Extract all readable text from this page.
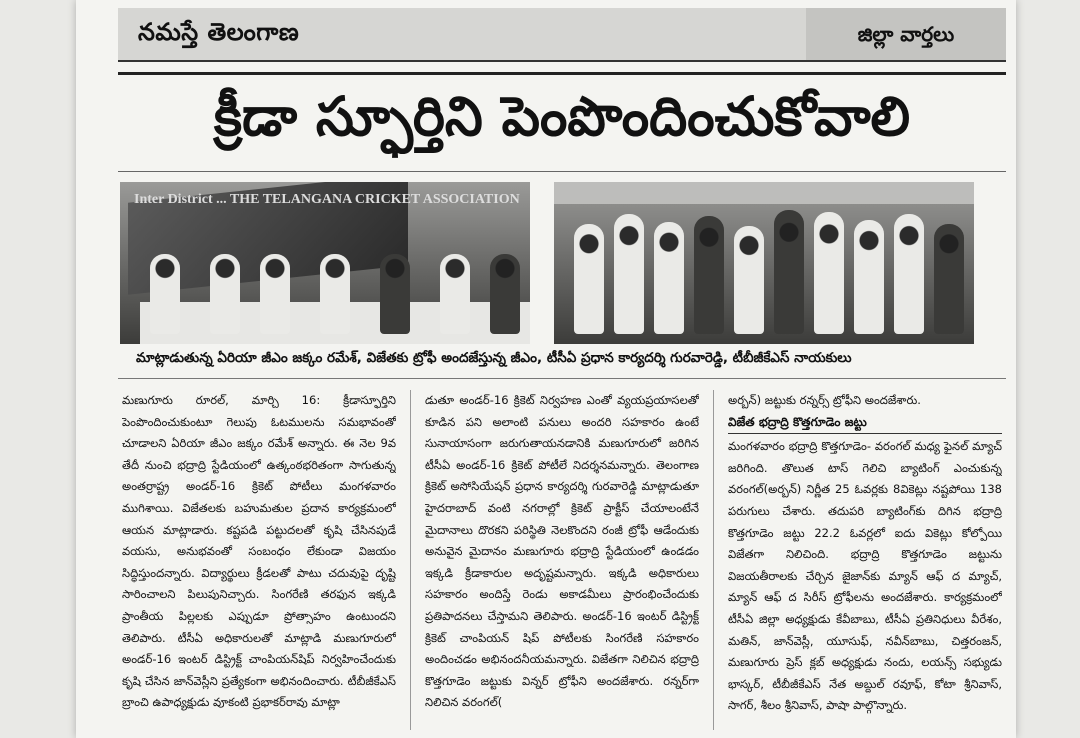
నమస్తే తెలంగాణ	జిల్లా వార్తలు
క్రీడా స్ఫూర్తిని పెంపొందించుకోవాలి
Inter District ... THE TELANGANA CRICKET ASSOCIATION
మాట్లాడుతున్న ఏరియా జీఎం జక్కం రమేశ్, విజేతకు ట్రోఫీ అందజేస్తున్న జీఎం, టీసీఏ ప్రధాన కార్యదర్శి గురవారెడ్డి, టీబీజీకేఎస్ నాయకులు

మణుగూరు రూరల్, మార్చి 16: క్రీడాస్ఫూర్తిని పెంపొందించుకుంటూ గెలుపు ఓటములను సమభావంతో చూడాలని ఏరియా జీఎం జక్కం రమేశ్ అన్నారు. ఈ నెల 9వ తేదీ నుంచి భద్రాద్రి స్టేడియంలో ఉత్కంఠభరితంగా సాగుతున్న అంతర్రాష్ట్ర అండర్-16 క్రికెట్ పోటీలు మంగళవారం ముగిశాయి. విజేతలకు బహుమతుల ప్రదాన కార్యక్రమంలో ఆయన మాట్లాడారు. కష్టపడి పట్టుదలతో కృషి చేసినపుడే వయసు, అనుభవంతో సంబంధం లేకుండా విజయం సిద్ధిస్తుందన్నారు. విద్యార్థులు క్రీడలతో పాటు చదువుపై దృష్టి సారించాలని పిలుపునిచ్చారు. సింగరేణి తరఫున ఇక్కడి ప్రాంతీయ పిల్లలకు ఎప్పుడూ ప్రోత్సాహం ఉంటుందని తెలిపారు. టీసీఏ అధికారులతో మాట్లాడి మణుగూరులో అండర్-16 ఇంటర్ డిస్ట్రిక్ట్ చాంపియన్‌షిప్ నిర్వహించేందుకు కృషి చేసిన జాన్‌వెస్లీని ప్రత్యేకంగా అభినందించారు. టీబీజీకేఎస్ బ్రాంచి ఉపాధ్యక్షుడు వూకంటి ప్రభాకర్‌రావు మాట్లా

డుతూ అండర్-16 క్రికెట్ నిర్వహణ ఎంతో వ్యయప్రయాసలతో కూడిన పని అలాంటి పనులు అందరి సహకారం ఉంటే సునాయాసంగా జరుగుతాయనడానికి మణుగూరులో జరిగిన టీసీఏ అండర్-16 క్రికెట్ పోటీలే నిదర్శనమన్నారు. తెలంగాణ క్రికెట్ అసోసియేషన్ ప్రధాన కార్యదర్శి గురవారెడ్డి మాట్లాడుతూ హైదరాబాద్ వంటి నగరాల్లో క్రికెట్ ప్రాక్టీస్ చేయాలంటేనే మైదానాలు దొరకని పరిస్థితి నెలకొందని రంజీ ట్రోఫీ ఆడేందుకు అనువైన మైదానం మణుగూరు భద్రాద్రి స్టేడియంలో ఉండడం ఇక్కడి క్రీడాకారుల అదృష్టమన్నారు. ఇక్కడి అధికారులు సహకారం అందిస్తే రెండు అకాడమీలు ప్రారంభించేందుకు ప్రతిపాదనలు చేస్తామని తెలిపారు. అండర్-16 ఇంటర్ డిస్ట్రిక్ట్ క్రికెట్ చాంపియన్ షిప్ పోటీలకు సింగరేణి సహకారం అందించడం అభినందనీయమన్నారు. విజేతగా నిలిచిన భద్రాద్రి కొత్తగూడెం జట్టుకు విన్నర్ ట్రోఫీని అందజేశారు. రన్నర్‌గా నిలిచిన వరంగల్(

అర్బన్) జట్టుకు రన్నర్స్ ట్రోఫీని అందజేశారు.

విజేత భద్రాద్రి కొత్తగూడెం జట్టు

మంగళవారం భద్రాద్రి కొత్తగూడెం- వరంగల్ మధ్య ఫైనల్ మ్యాచ్ జరిగింది. తొలుత టాస్ గెలిచి బ్యాటింగ్ ఎంచుకున్న వరంగల్(అర్బన్) నిర్ణీత 25 ఓవర్లకు 8వికెట్లు నష్టపోయి 138 పరుగులు చేశారు. తదుపరి బ్యాటింగ్‌కు దిగిన భద్రాద్రి కొత్తగూడెం జట్టు 22.2 ఓవర్లలో ఐదు వికెట్లు కోల్పోయి విజేతగా నిలిచింది. భద్రాద్రి కొత్తగూడెం జట్టును విజయతీరాలకు చేర్చిన జైజాన్‌కు మ్యాన్ ఆఫ్ ద మ్యాచ్, మ్యాన్ ఆఫ్ ద సిరీస్ ట్రోఫీలను అందజేశారు. కార్యక్రమంలో టీసీఏ జిల్లా అధ్యక్షుడు కేవీబాబు, టీసీఏ ప్రతినిధులు వీరేశం, మతిన్, జాన్‌వెస్లీ, యూసుఫ్, నవీన్‌బాబు, చిత్తరంజన్, మణుగూరు ప్రెస్ క్లబ్ అధ్యక్షుడు నందు, లయన్స్ సభ్యుడు భాస్కర్, టీబీజీకేఎస్ నేత అబ్దుల్ రవూఫ్, కోటా శ్రీనివాస్, సాగర్, శీలం శ్రీనివాస్, పాషా పాల్గొన్నారు.
